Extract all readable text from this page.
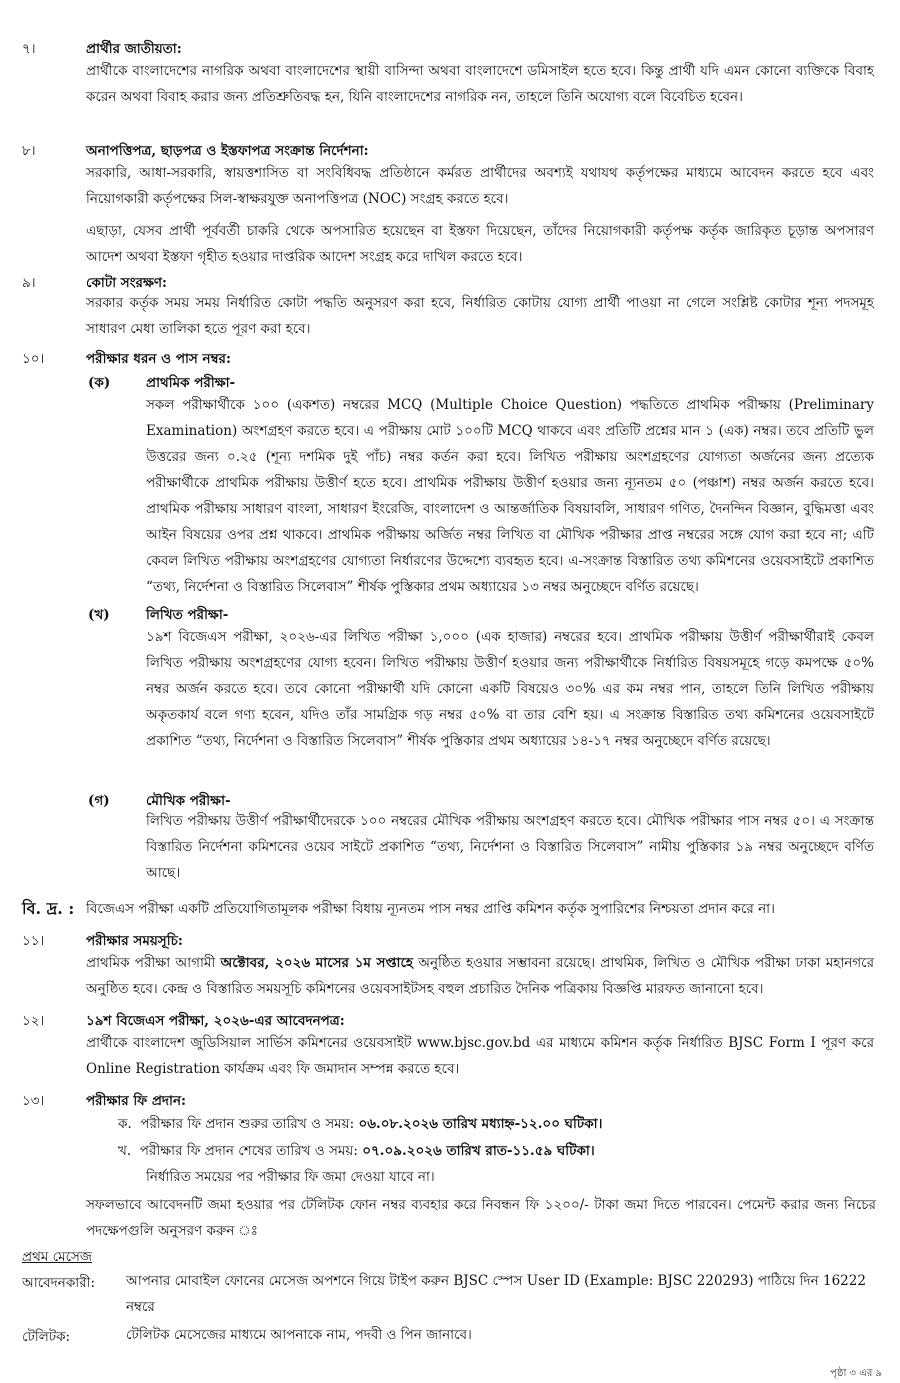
৭।	প্রার্থীর জাতীয়তা:
প্রার্থীকে বাংলাদেশের নাগরিক অথবা বাংলাদেশের স্থায়ী বাসিন্দা অথবা বাংলাদেশে ডমিসাইল হতে হবে। কিন্তু প্রার্থী যদি এমন কোনো ব্যক্তিকে বিবাহ করেন অথবা বিবাহ করার জন্য প্রতিশ্রুতিবদ্ধ হন, যিনি বাংলাদেশের নাগরিক নন, তাহলে তিনি অযোগ্য বলে বিবেচিত হবেন।
৮।	অনাপত্তিপত্র, ছাড়পত্র ও ইস্তফাপত্র সংক্রান্ত নির্দেশনা:
সরকারি, আধা-সরকারি, স্বায়ত্তশাসিত বা সংবিধিবদ্ধ প্রতিষ্ঠানে কর্মরত প্রার্থীদের অবশ্যই যথাযথ কর্তৃপক্ষের মাধ্যমে আবেদন করতে হবে এবং নিয়োগকারী কর্তৃপক্ষের সিল-স্বাক্ষরযুক্ত অনাপত্তিপত্র (NOC) সংগ্রহ করতে হবে।
এছাড়া, যেসব প্রার্থী পূর্ববর্তী চাকরি থেকে অপসারিত হয়েছেন বা ইস্তফা দিয়েছেন, তাঁদের নিয়োগকারী কর্তৃপক্ষ কর্তৃক জারিকৃত চূড়ান্ত অপসারণ আদেশ অথবা ইস্তফা গৃহীত হওয়ার দাপ্তরিক আদেশ সংগ্রহ করে দাখিল করতে হবে।
৯।	কোটা সংরক্ষণ:
সরকার কর্তৃক সময় সময় নির্ধারিত কোটা পদ্ধতি অনুসরণ করা হবে, নির্ধারিত কোটায় যোগ্য প্রার্থী পাওয়া না গেলে সংশ্লিষ্ট কোটার শূন্য পদসমূহ সাধারণ মেধা তালিকা হতে পূরণ করা হবে।
১০।	পরীক্ষার ধরন ও পাস নম্বর:
(ক)	প্রাথমিক পরীক্ষা-
সকল পরীক্ষার্থীকে ১০০ (একশত) নম্বরের MCQ (Multiple Choice Question) পদ্ধতিতে প্রাথমিক পরীক্ষায় (Preliminary Examination) অংশগ্রহণ করতে হবে। এ পরীক্ষায় মোট ১০০টি MCQ থাকবে এবং প্রতিটি প্রশ্নের মান ১ (এক) নম্বর। তবে প্রতিটি ভুল উত্তরের জন্য ০.২৫ (শূন্য দশমিক দুই পাঁচ) নম্বর কর্তন করা হবে। লিখিত পরীক্ষায় অংশগ্রহণের যোগ্যতা অর্জনের জন্য প্রত্যেক পরীক্ষার্থীকে প্রাথমিক পরীক্ষায় উত্তীর্ণ হতে হবে। প্রাথমিক পরীক্ষায় উত্তীর্ণ হওয়ার জন্য ন্যূনতম ৫০ (পঞ্চাশ) নম্বর অর্জন করতে হবে। প্রাথমিক পরীক্ষায় সাধারণ বাংলা, সাধারণ ইংরেজি, বাংলাদেশ ও আন্তর্জাতিক বিষয়াবলি, সাধারণ গণিত, দৈনন্দিন বিজ্ঞান, বুদ্ধিমত্তা এবং আইন বিষয়ের ওপর প্রশ্ন থাকবে। প্রাথমিক পরীক্ষায় অর্জিত নম্বর লিখিত বা মৌখিক পরীক্ষার প্রাপ্ত নম্বরের সঙ্গে যোগ করা হবে না; এটি কেবল লিখিত পরীক্ষায় অংশগ্রহণের যোগ্যতা নির্ধারণের উদ্দেশ্যে ব্যবহৃত হবে। এ-সংক্রান্ত বিস্তারিত তথ্য কমিশনের ওয়েবসাইটে প্রকাশিত “তথ্য, নির্দেশনা ও বিস্তারিত সিলেবাস” শীর্ষক পুস্তিকার প্রথম অধ্যায়ের ১৩ নম্বর অনুচ্ছেদে বর্ণিত রয়েছে।
(খ)	লিখিত পরীক্ষা-
১৯শ বিজেএস পরীক্ষা, ২০২৬-এর লিখিত পরীক্ষা ১,০০০ (এক হাজার) নম্বরের হবে। প্রাথমিক পরীক্ষায় উত্তীর্ণ পরীক্ষার্থীরাই কেবল লিখিত পরীক্ষায় অংশগ্রহণের যোগ্য হবেন। লিখিত পরীক্ষায় উত্তীর্ণ হওয়ার জন্য পরীক্ষার্থীকে নির্ধারিত বিষয়সমূহে গড়ে কমপক্ষে ৫০% নম্বর অর্জন করতে হবে। তবে কোনো পরীক্ষার্থী যদি কোনো একটি বিষয়েও ৩০% এর কম নম্বর পান, তাহলে তিনি লিখিত পরীক্ষায় অকৃতকার্য বলে গণ্য হবেন, যদিও তাঁর সামগ্রিক গড় নম্বর ৫০% বা তার বেশি হয়। এ সংক্রান্ত বিস্তারিত তথ্য কমিশনের ওয়েবসাইটে প্রকাশিত “তথ্য, নির্দেশনা ও বিস্তারিত সিলেবাস” শীর্ষক পুস্তিকার প্রথম অধ্যায়ের ১৪-১৭ নম্বর অনুচ্ছেদে বর্ণিত রয়েছে।
(গ)	মৌখিক পরীক্ষা-
লিখিত পরীক্ষায় উত্তীর্ণ পরীক্ষার্থীদেরকে ১০০ নম্বরের মৌখিক পরীক্ষায় অংশগ্রহণ করতে হবে। মৌখিক পরীক্ষার পাস নম্বর ৫০। এ সংক্রান্ত বিস্তারিত নির্দেশনা কমিশনের ওয়েব সাইটে প্রকাশিত “তথ্য, নির্দেশনা ও বিস্তারিত সিলেবাস” নামীয় পুস্তিকার ১৯ নম্বর অনুচ্ছেদে বর্ণিত আছে।
বি. দ্র. : বিজেএস পরীক্ষা একটি প্রতিযোগিতামূলক পরীক্ষা বিধায় ন্যূনতম পাস নম্বর প্রাপ্তি কমিশন কর্তৃক সুপারিশের নিশ্চয়তা প্রদান করে না।
১১।	পরীক্ষার সময়সূচি:
প্রাথমিক পরীক্ষা আগামী অক্টোবর, ২০২৬ মাসের ১ম সপ্তাহে অনুষ্ঠিত হওয়ার সম্ভাবনা রয়েছে। প্রাথমিক, লিখিত ও মৌখিক পরীক্ষা ঢাকা মহানগরে অনুষ্ঠিত হবে। কেন্দ্র ও বিস্তারিত সময়সূচি কমিশনের ওয়েবসাইটসহ বহুল প্রচারিত দৈনিক পত্রিকায় বিজ্ঞপ্তি মারফত জানানো হবে।
১২।	১৯শ বিজেএস পরীক্ষা, ২০২৬-এর আবেদনপত্র:
প্রার্থীকে বাংলাদেশ জুডিসিয়াল সার্ভিস কমিশনের ওয়েবসাইট www.bjsc.gov.bd এর মাধ্যমে কমিশন কর্তৃক নির্ধারিত BJSC Form I পূরণ করে Online Registration কার্যক্রম এবং ফি জমাদান সম্পন্ন করতে হবে।
১৩।	পরীক্ষার ফি প্রদান:
ক. পরীক্ষার ফি প্রদান শুরুর তারিখ ও সময়: ০৬.০৮.২০২৬ তারিখ মধ্যাহ্ন-১২.০০ ঘটিকা।
খ. পরীক্ষার ফি প্রদান শেষের তারিখ ও সময়: ০৭.০৯.২০২৬ তারিখ রাত-১১.৫৯ ঘটিকা।
নির্ধারিত সময়ের পর পরীক্ষার ফি জমা দেওয়া যাবে না।
সফলভাবে আবেদনটি জমা হওয়ার পর টেলিটক ফোন নম্বর ব্যবহার করে নিবন্ধন ফি ১২০০/- টাকা জমা দিতে পারবেন। পেমেন্ট করার জন্য নিচের পদক্ষেপগুলি অনুসরণ করুন ঃ
প্রথম মেসেজ
আবেদনকারী: আপনার মোবাইল ফোনের মেসেজ অপশনে গিয়ে টাইপ করুন BJSC স্পেস User ID (Example: BJSC 220293) পাঠিয়ে দিন 16222 নম্বরে
টেলিটক:	টেলিটক মেসেজের মাধ্যমে আপনাকে নাম, পদবী ও পিন জানাবে।
পৃষ্ঠা ৩ এর ৯
